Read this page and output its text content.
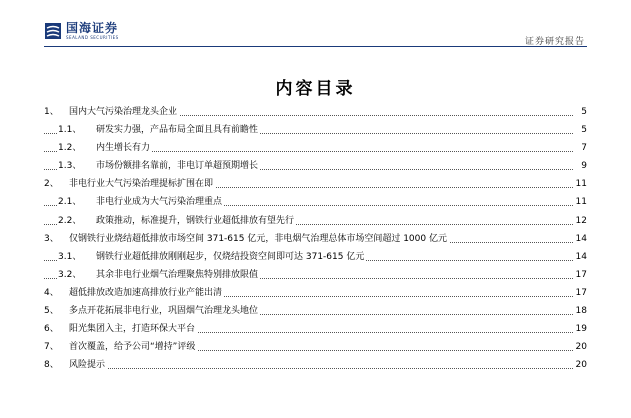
国海证券
SEALAND SECURITIES	证券研究报告
内容目录
1、 国内大气污染治理龙头企业	5
1.1、 研发实力强，产品布局全面且具有前瞻性	5
1.2、 内生增长有力	7
1.3、 市场份额排名靠前，非电订单超预期增长	9
2、 非电行业大气污染治理提标扩围在即	11
2.1、 非电行业成为大气污染治理重点	11
2.2、 政策推动，标准提升，钢铁行业超低排放有望先行	12
3、 仅钢铁行业烧结超低排放市场空间 371-615 亿元，非电烟气治理总体市场空间超过 1000 亿元	14
3.1、 钢铁行业超低排放刚刚起步，仅烧结投资空间即可达 371-615 亿元	14
3.2、 其余非电行业烟气治理聚焦特别排放限值	17
4、 超低排放改造加速高排放行业产能出清	17
5、 多点开花拓展非电行业，巩固烟气治理龙头地位	18
6、 阳光集团入主，打造环保大平台	19
7、 首次覆盖，给予公司“增持”评级	20
8、 风险提示	20
